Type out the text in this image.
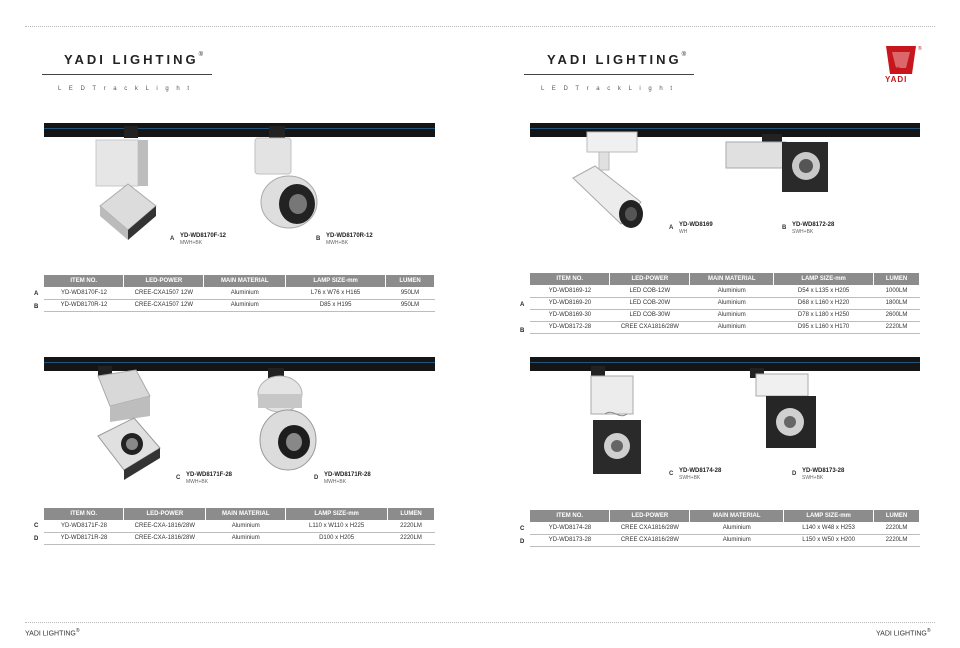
YADI LIGHTING®
L E D T r a c k L i g h t
A YD-WD8170F-12
MWH+BK
B YD-WD8170R-12
MWH+BK
ITEM NO.	LED-POWER	MAIN MATERIAL	LAMP SIZE-mm	LUMEN
YD-WD8170F-12	CREE-CXA1507 12W	Aluminium	L76 x W76 x H165	950LM
YD-WD8170R-12	CREE-CXA1507 12W	Aluminium	D85 x H195	950LM
A
B
C YD-WD8171F-28
MWH+BK
D YD-WD8171R-28
MWH+BK
ITEM NO.	LED-POWER	MAIN MATERIAL	LAMP SIZE-mm	LUMEN
YD-WD8171F-28	CREE-CXA-1816/28W	Aluminium	L110 x W110 x H225	2220LM
YD-WD8171R-28	CREE-CXA-1816/28W	Aluminium	D100 x H205	2220LM
C
D
YADI LIGHTING®
YADI LIGHTING®
L E D T r a c k L i g h t
®
雅迪
YADI
A YD-WD8169
WH
B YD-WD8172-28
SWH+BK
ITEM NO.	LED-POWER	MAIN MATERIAL	LAMP SIZE-mm	LUMEN
YD-WD8169-12	LED COB-12W	Aluminium	D54 x L135 x H205	1000LM
YD-WD8169-20	LED COB-20W	Aluminium	D68 x L160 x H220	1800LM
YD-WD8169-30	LED COB-30W	Aluminium	D78 x L180 x H250	2600LM
YD-WD8172-28	CREE CXA1816/28W	Aluminium	D95 x L160 x H170	2220LM
A
B
C YD-WD8174-28
SWH+BK
D YD-WD8173-28
SWH+BK
ITEM NO.	LED-POWER	MAIN MATERIAL	LAMP SIZE-mm	LUMEN
YD-WD8174-28	CREE CXA1816/28W	Aluminium	L140 x W48 x H253	2220LM
YD-WD8173-28	CREE CXA1816/28W	Aluminium	L150 x W50 x H200	2220LM
C
D
YADI LIGHTING®
